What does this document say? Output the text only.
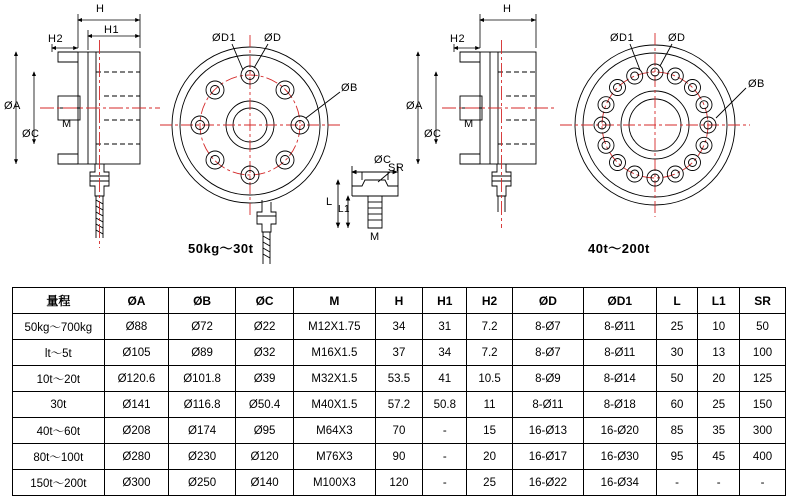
H
H1
H2
ØA
ØC
M
ØD1	ØD
ØB
ØC
SR
L
L1
M
H
H2
ØA
ØC
M
ØD1	ØD
ØB
50kg～30t	40t～200t
量程	ØA	ØB	ØC	M	H	H1	H2	ØD	ØD1	L	L1	SR
50kg～700kg	Ø88	Ø72	Ø22	M12X1.75	34	31	7.2	8-Ø7	8-Ø11	25	10	50
lt～5t	Ø105	Ø89	Ø32	M16X1.5	37	34	7.2	8-Ø7	8-Ø11	30	13	100
10t～20t	Ø120.6	Ø101.8	Ø39	M32X1.5	53.5	41	10.5	8-Ø9	8-Ø14	50	20	125
30t	Ø141	Ø116.8	Ø50.4	M40X1.5	57.2	50.8	11	8-Ø11	8-Ø18	60	25	150
40t～60t	Ø208	Ø174	Ø95	M64X3	70	-	15	16-Ø13	16-Ø20	85	35	300
80t～100t	Ø280	Ø230	Ø120	M76X3	90	-	20	16-Ø17	16-Ø30	95	45	400
150t～200t	Ø300	Ø250	Ø140	M100X3	120	-	25	16-Ø22	16-Ø34	-	-	-
